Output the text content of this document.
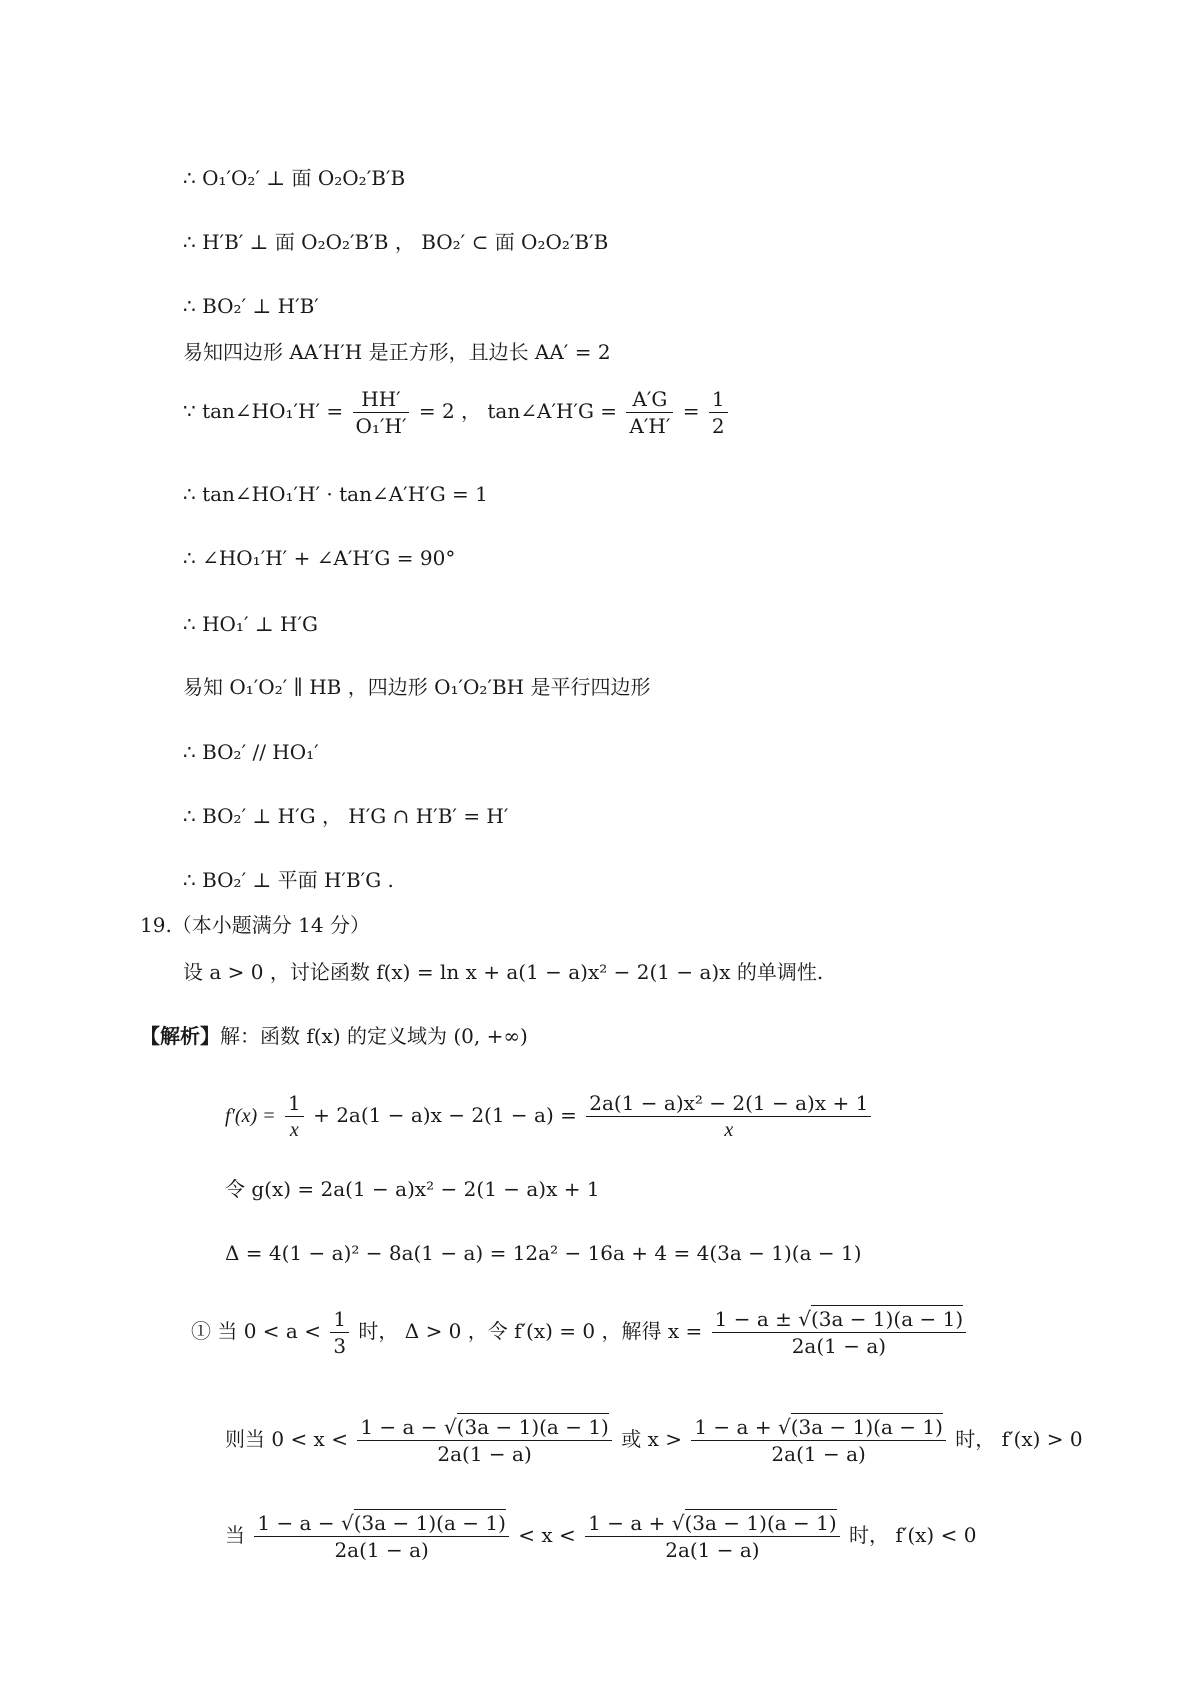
∴ O₁′O₂′ ⊥ 面 O₂O₂′B′B
∴ H′B′ ⊥ 面 O₂O₂′B′B ， BO₂′ ⊂ 面 O₂O₂′B′B
∴ BO₂′ ⊥ H′B′
易知四边形 AA′H′H 是正方形，且边长 AA′ = 2
∵ tan∠HO₁′H′ = $\frac{HH'}{\text{O₁′H′}} = 2$ ， tan∠A′H′G = $\frac{A'G}{A'H'} = \frac{1}{2}$
∴ tan∠HO₁′H′ · tan∠A′H′G = 1
∴ ∠HO₁′H′ + ∠A′H′G = 90°
∴ HO₁′ ⊥ H′G
易知 O₁′O₂′ ∥ HB ，四边形 O₁′O₂′BH 是平行四边形
∴ BO₂′ // HO₁′
∴ BO₂′ ⊥ H′G ， H′G ∩ H′B′ = H′
∴ BO₂′ ⊥ 平面 H′B′G .
19.（本小题满分 14 分）
设 a > 0 ，讨论函数 f(x) = ln x + a(1 − a)x² − 2(1 − a)x 的单调性.
【解析】解：函数 f(x) 的定义域为 (0, +∞)
$f'(x) = \frac{1}{x} + 2a(1 - a)x - 2(1 - a) = \frac{\text{2a(1 − a)x² − 2(1 − a)x + 1}}{x}$
令 g(x) = 2a(1 − a)x² − 2(1 − a)x + 1
Δ = 4(1 − a)² − 8a(1 − a) = 12a² − 16a + 4 = 4(3a − 1)(a − 1)
① 当 $0 < a < \frac{1}{3}$ 时， Δ > 0 ，令 f′(x) = 0 ，解得 $x = \frac{1 - a \pm √(3a - 1)(a - 1)}{2a(1 - a)}$
则当 $0 < x < \frac{1 - a - √(3a - 1)(a - 1)}{2a(1 - a)}$ 或 $x > \frac{1 - a + √(3a - 1)(a - 1)}{2a(1 - a)}$ 时， f′(x) > 0
当 $\frac{1 - a - √(3a - 1)(a - 1)}{2a(1 - a)} < x < \frac{1 - a + √(3a - 1)(a - 1)}{2a(1 - a)}$ 时， f′(x) < 0
